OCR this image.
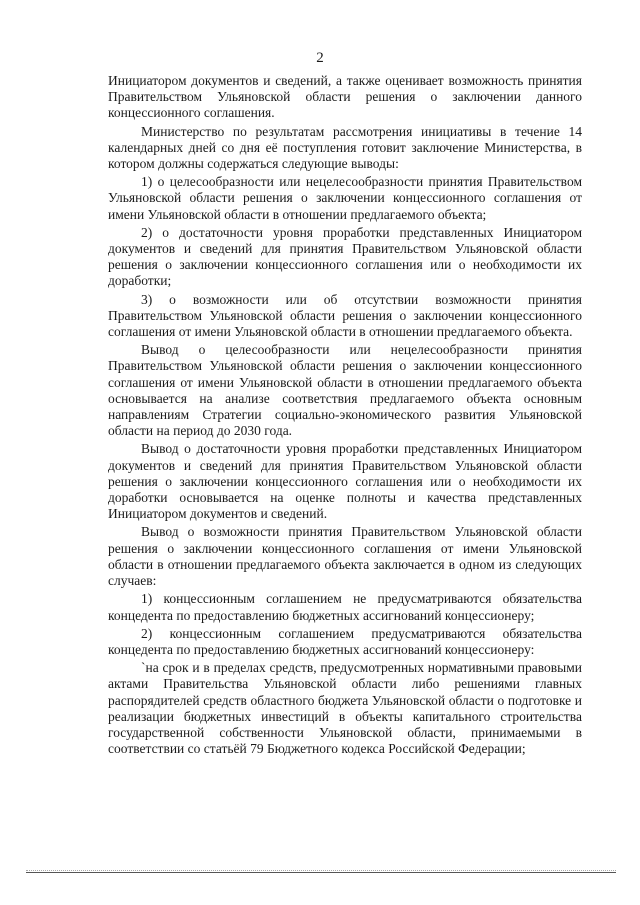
2

Инициатором документов и сведений, а также оценивает возможность принятия Правительством Ульяновской области решения о заключении данного концессионного соглашения.

Министерство по результатам рассмотрения инициативы в течение 14 календарных дней со дня её поступления готовит заключение Министерства, в котором должны содержаться следующие выводы:

1) о целесообразности или нецелесообразности принятия Правительством Ульяновской области решения о заключении концессионного соглашения от имени Ульяновской области в отношении предлагаемого объекта;

2) о достаточности уровня проработки представленных Инициатором документов и сведений для принятия Правительством Ульяновской области решения о заключении концессионного соглашения или о необходимости их доработки;

3) о возможности или об отсутствии возможности принятия Правительством Ульяновской области решения о заключении концессионного соглашения от имени Ульяновской области в отношении предлагаемого объекта.

Вывод о целесообразности или нецелесообразности принятия Правительством Ульяновской области решения о заключении концессионного соглашения от имени Ульяновской области в отношении предлагаемого объекта основывается на анализе соответствия предлагаемого объекта основным направлениям Стратегии социально-экономического развития Ульяновской области на период до 2030 года.

Вывод о достаточности уровня проработки представленных Инициатором документов и сведений для принятия Правительством Ульяновской области решения о заключении концессионного соглашения или о необходимости их доработки основывается на оценке полноты и качества представленных Инициатором документов и сведений.

Вывод о возможности принятия Правительством Ульяновской области решения о заключении концессионного соглашения от имени Ульяновской области в отношении предлагаемого объекта заключается в одном из следующих случаев:

1) концессионным соглашением не предусматриваются обязательства концедента по предоставлению бюджетных ассигнований концессионеру;

2) концессионным соглашением предусматриваются обязательства концедента по предоставлению бюджетных ассигнований концессионеру:

`на срок и в пределах средств, предусмотренных нормативными правовыми актами Правительства Ульяновской области либо решениями главных распорядителей средств областного бюджета Ульяновской области о подготовке и реализации бюджетных инвестиций в объекты капитального строительства государственной собственности Ульяновской области, принимаемыми в соответствии со статьёй 79 Бюджетного кодекса Российской Федерации;
